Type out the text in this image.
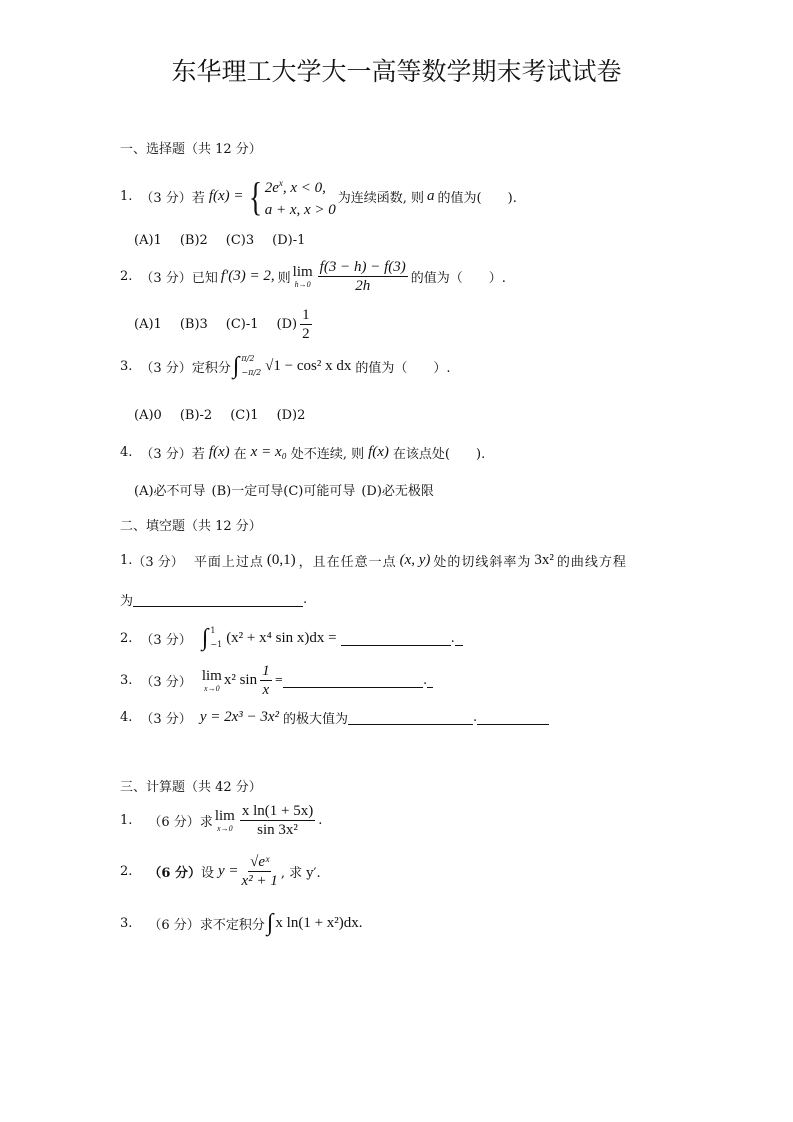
东华理工大学大一高等数学期末考试试卷
一、选择题（共 12 分）
1. （3 分） 若 f(x) = { $2e^x$, x < 0,
a + x, x > 0
为连续函数, 则 a 的值为(　　).
(A)1 (B)2 (C)3 (D)-1
2. （3 分） 已知 f′(3) = 2, 则 lim
$h\to 0 \frac{f(3 - h) - f(3)}{2h}$ 的值为（　　）.
(A)1 (B)3 (C)-1 $(D) \frac{1}{2}$
3. （3 分） 定积分 ∫ π/2
−π/2 √1 − cos² x dx 的值为（　　）.
(A)0 (B)-2 (C)1 (D)2
4. （3 分） 若 f(x) 在 x = x₀ 处不连续, 则 f(x) 在该点处(　　).
(A)必不可导 (B)一定可导 (C)可能可导 (D)必无极限
二、填空题（共 12 分）
1. （3 分） 平面上过点 (0,1) ，且在任意一点 (x, y) 处的切线斜率为 3x² 的曲线方程
为	.
2. （3 分） ∫ 1
−1 (x² + x⁴ sin x)dx =	.
3. （3 分） lim
x→0
x² $\sin \frac{1}{x}$ =	.
4. （3 分） y = 2x³ − 3x² 的极大值为	.
三、计算题（共 42 分）
1. （6 分） 求 lim
$x\to 0 \frac{\text{x ln(1 + 5x)}}{\text{sin 3x²}}$ .
2. （6 分） 设 $y = \frac{\text{√eˣ}}{\text{x² + 1}}$ , 求 y′.
3. （6 分） 求不定积分 ∫ x ln(1 + x²)dx.
